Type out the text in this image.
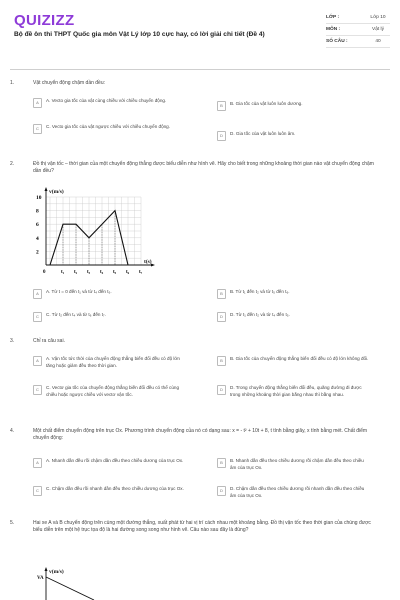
QUIZIZZ
Bộ đề ôn thi THPT Quốc gia môn Vật Lý lớp 10 cực hay, có lời giải chi tiết (Đề 4)
LỚP :	Lớp 10
MÔN :	Vật lý
SỐ CÂU :	40
1.	Vật chuyển động chậm dần đều:
A	A. Vecto gia tốc của vật cùng chiều với chiều chuyển động.
B	B. Gia tốc của vật luôn luôn dương.
C	C. Vecto gia tốc của vật ngược chiều với chiều chuyển động.
D	D. Gia tốc của vật luôn luôn âm.
2.	Đồ thị vận tốc – thời gian của một chuyển động thẳng được biểu diễn như hình vẽ. Hãy cho biết trong những khoảng thời gian nào vật chuyển động chậm dần đều?
A	A. Từ t = 0 đến t₁ và từ t₄ đến t₅.	B	B. Từ t₁ đến t₂ và từ t₅ đến t₆.
C	C. Từ t₂ đến t₄ và từ t₆ đến t₇.	D	D. Từ t₁ đến t₂ và từ t₄ đến t₅.
v(m/s)
t(s)
10
8
6
4
2
0	t₁ t₂ t₃ t₄ t₅ t₆ t₇
3.	Chỉ ra câu sai.
A	A. Vận tốc tức thời của chuyển động thẳng biến đổi đều có độ lớn tăng hoặc giảm đều theo thời gian.
B	B. Gia tốc của chuyển động thẳng biến đổi đều có độ lớn không đổi.
C	C. Vectơ gia tốc của chuyển động thẳng biến đổi đều có thể cùng chiều hoặc ngược chiều với vectơ vận tốc.
D	D. Trong chuyển động thẳng biến đổi đều, quãng đường đi được trong những khoảng thời gian bằng nhau thì bằng nhau.
4.	Một chất điểm chuyển động trên trục Ox. Phương trình chuyển động của nó có dạng sau: x = - t² + 10t + 8, t tính bằng giây, x tính bằng mét. Chất điểm chuyển động:
A	A. Nhanh dần đều rồi chậm dần đều theo chiều dương của trục Ox.	B	B. Nhanh dần đều theo chiều dương rồi chậm dần đều theo chiều âm của trục Ox.
C	C. Chậm dần đều rồi nhanh dần đều theo chiều dương của trục Ox.	D	D. Chậm dần đều theo chiều dương rồi nhanh dần đều theo chiều âm của trục Ox.
5.	Hai xe A và B chuyển động trên cùng một đường thẳng, xuất phát từ hai vị trí cách nhau một khoảng bằng. Đồ thị vận tốc theo thời gian của chúng được biểu diễn trên một hệ trục tọa độ là hai đường song song như hình vẽ. Câu nào sau đây là đúng?
v(m/s)
VA
